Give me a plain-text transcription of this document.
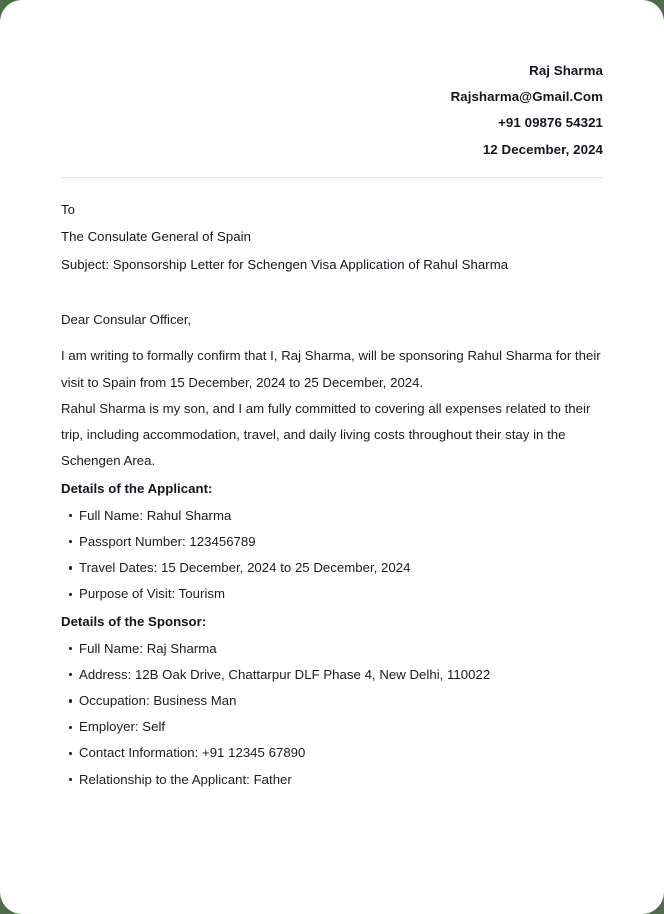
Raj Sharma
Rajsharma@Gmail.Com
+91 09876 54321
12 December, 2024
To
The Consulate General of Spain
Subject: Sponsorship Letter for Schengen Visa Application of Rahul Sharma
Dear Consular Officer,

I am writing to formally confirm that I, Raj Sharma, will be sponsoring Rahul Sharma for their visit to Spain from 15 December, 2024 to 25 December, 2024.

Rahul Sharma is my son, and I am fully committed to covering all expenses related to their trip, including accommodation, travel, and daily living costs throughout their stay in the Schengen Area.

Details of the Applicant:
Full Name: Rahul Sharma
Passport Number: 123456789
Travel Dates: 15 December, 2024 to 25 December, 2024
Purpose of Visit: Tourism
Details of the Sponsor:
Full Name: Raj Sharma
Address: 12B Oak Drive, Chattarpur DLF Phase 4, New Delhi, 110022
Occupation: Business Man
Employer: Self
Contact Information: +91 12345 67890
Relationship to the Applicant: Father
